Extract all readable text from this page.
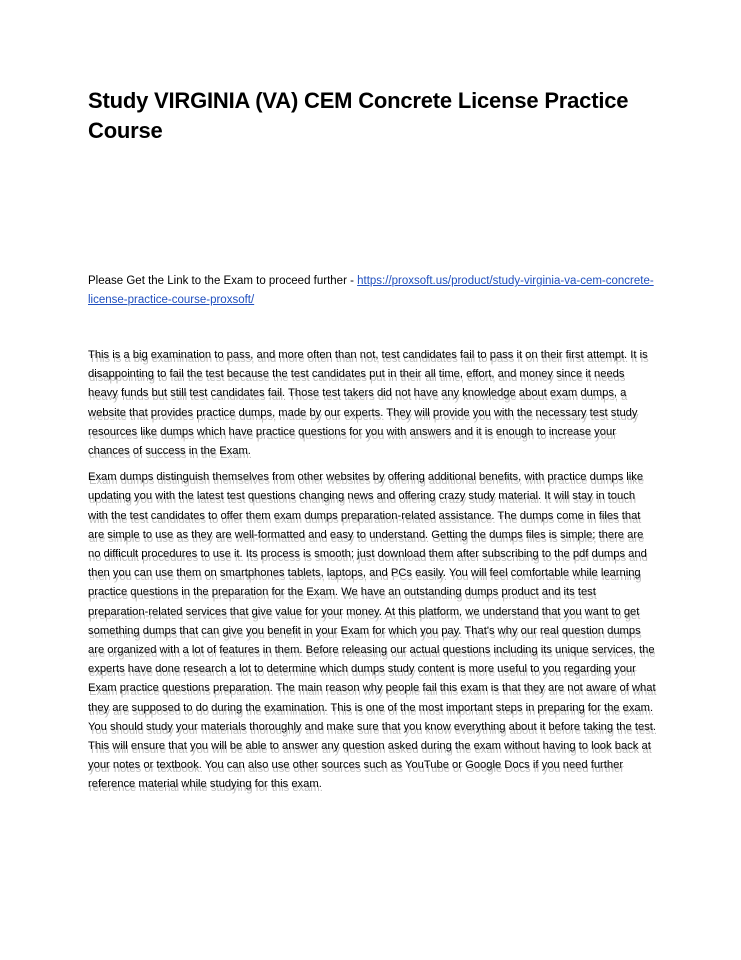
Study VIRGINIA (VA) CEM Concrete License Practice Course

Please Get the Link to the Exam to proceed further - https://proxsoft.us/product/study-virginia-va-cem-concrete-license-practice-course-proxsoft/

This is a big examination to pass, and more often than not, test candidates fail to pass it on their first attempt. It is disappointing to fail the test because the test candidates put in their all time, effort, and money since it needs heavy funds but still test candidates fail. Those test takers did not have any knowledge about exam dumps, a website that provides practice dumps, made by our experts. They will provide you with the necessary test study resources like dumps which have practice questions for you with answers and it is enough to increase your chances of success in the Exam.

Exam dumps distinguish themselves from other websites by offering additional benefits, with practice dumps like updating you with the latest test questions changing news and offering crazy study material. It will stay in touch with the test candidates to offer them exam dumps preparation-related assistance. The dumps come in files that are simple to use as they are well-formatted and easy to understand. Getting the dumps files is simple; there are no difficult procedures to use it. Its process is smooth; just download them after subscribing to the pdf dumps and then you can use them on smartphones tablets, laptops, and PCs easily. You will feel comfortable while learning practice questions in the preparation for the Exam. We have an outstanding dumps product and its test preparation-related services that give value for your money. At this platform, we understand that you want to get something dumps that can give you benefit in your Exam for which you pay. That's why our real question dumps are organized with a lot of features in them. Before releasing our actual questions including its unique services, the experts have done research a lot to determine which dumps study content is more useful to you regarding your Exam practice questions preparation. The main reason why people fail this exam is that they are not aware of what they are supposed to do during the examination. This is one of the most important steps in preparing for the exam. You should study your materials thoroughly and make sure that you know everything about it before taking the test. This will ensure that you will be able to answer any question asked during the exam without having to look back at your notes or textbook. You can also use other sources such as YouTube or Google Docs if you need further reference material while studying for this exam.
